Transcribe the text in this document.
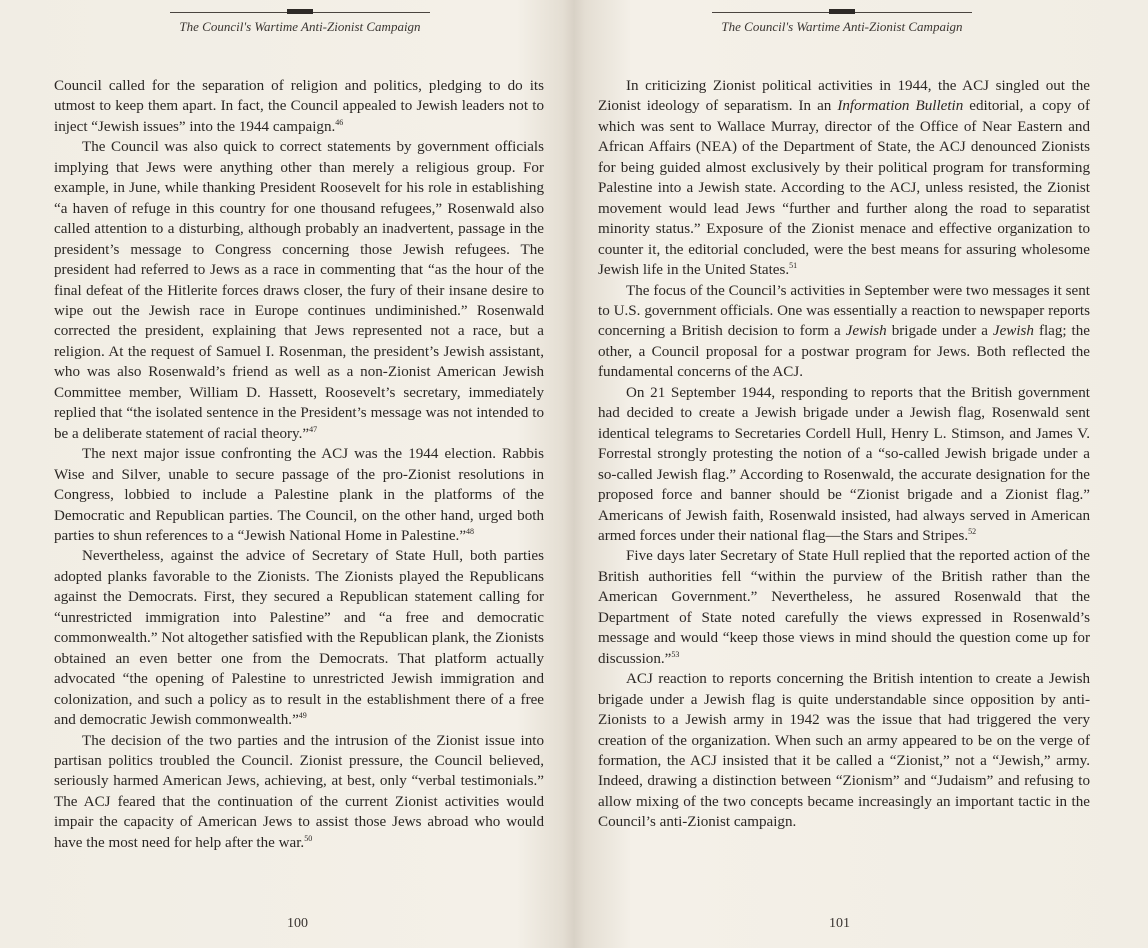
The Council's Wartime Anti-Zionist Campaign

Council called for the separation of religion and politics, pledging to do its utmost to keep them apart. In fact, the Council appealed to Jewish leaders not to inject “Jewish issues” into the 1944 campaign.$^{46}$

The Council was also quick to correct statements by government officials implying that Jews were anything other than merely a religious group. For example, in June, while thanking President Roosevelt for his role in establishing “a haven of refuge in this country for one thousand refugees,” Rosenwald also called attention to a disturbing, although probably an inadvertent, passage in the president’s message to Congress concerning those Jewish refugees. The president had referred to Jews as a race in commenting that “as the hour of the final defeat of the Hitlerite forces draws closer, the fury of their insane desire to wipe out the Jewish race in Europe continues undiminished.” Rosenwald corrected the president, explaining that Jews represented not a race, but a religion. At the request of Samuel I. Rosenman, the president’s Jewish assistant, who was also Rosenwald’s friend as well as a non-Zionist American Jewish Committee member, William D. Hassett, Roosevelt’s secretary, immediately replied that “the isolated sentence in the President’s message was not intended to be a deliberate statement of racial theory.”$^{47}$

The next major issue confronting the ACJ was the 1944 election. Rabbis Wise and Silver, unable to secure passage of the pro-Zionist resolutions in Congress, lobbied to include a Palestine plank in the platforms of the Democratic and Republican parties. The Council, on the other hand, urged both parties to shun references to a “Jewish National Home in Palestine.”$^{48}$

Nevertheless, against the advice of Secretary of State Hull, both parties adopted planks favorable to the Zionists. The Zionists played the Republicans against the Democrats. First, they secured a Republican statement calling for “unrestricted immigration into Palestine” and “a free and democratic commonwealth.” Not altogether satisfied with the Republican plank, the Zionists obtained an even better one from the Democrats. That platform actually advocated “the opening of Palestine to unrestricted Jewish immigration and colonization, and such a policy as to result in the establishment there of a free and democratic Jewish commonwealth.”$^{49}$

The decision of the two parties and the intrusion of the Zionist issue into partisan politics troubled the Council. Zionist pressure, the Council believed, seriously harmed American Jews, achieving, at best, only “verbal testimonials.” The ACJ feared that the continuation of the current Zionist activities would impair the capacity of American Jews to assist those Jews abroad who would have the most need for help after the war.$^{50}$

100
The Council's Wartime Anti-Zionist Campaign

In criticizing Zionist political activities in 1944, the ACJ singled out the Zionist ideology of separatism. In an Information Bulletin editorial, a copy of which was sent to Wallace Murray, director of the Office of Near Eastern and African Affairs (NEA) of the Department of State, the ACJ denounced Zionists for being guided almost exclusively by their political program for transforming Palestine into a Jewish state. According to the ACJ, unless resisted, the Zionist movement would lead Jews “further and further along the road to separatist minority status.” Exposure of the Zionist menace and effective organization to counter it, the editorial concluded, were the best means for assuring wholesome Jewish life in the United States.$^{51}$

The focus of the Council’s activities in September were two messages it sent to U.S. government officials. One was essentially a reaction to newspaper reports concerning a British decision to form a Jewish brigade under a Jewish flag; the other, a Council proposal for a postwar program for Jews. Both reflected the fundamental concerns of the ACJ.

On 21 September 1944, responding to reports that the British government had decided to create a Jewish brigade under a Jewish flag, Rosenwald sent identical telegrams to Secretaries Cordell Hull, Henry L. Stimson, and James V. Forrestal strongly protesting the notion of a “so-called Jewish brigade under a so-called Jewish flag.” According to Rosenwald, the accurate designation for the proposed force and banner should be “Zionist brigade and a Zionist flag.” Americans of Jewish faith, Rosenwald insisted, had always served in American armed forces under their national flag—the Stars and Stripes.$^{52}$

Five days later Secretary of State Hull replied that the reported action of the British authorities fell “within the purview of the British rather than the American Government.” Nevertheless, he assured Rosenwald that the Department of State noted carefully the views expressed in Rosenwald’s message and would “keep those views in mind should the question come up for discussion.”$^{53}$

ACJ reaction to reports concerning the British intention to create a Jewish brigade under a Jewish flag is quite understandable since opposition by anti-Zionists to a Jewish army in 1942 was the issue that had triggered the very creation of the organization. When such an army appeared to be on the verge of formation, the ACJ insisted that it be called a “Zionist,” not a “Jewish,” army. Indeed, drawing a distinction between “Zionism” and “Judaism” and refusing to allow mixing of the two concepts became increasingly an important tactic in the Council’s anti-Zionist campaign.

101
